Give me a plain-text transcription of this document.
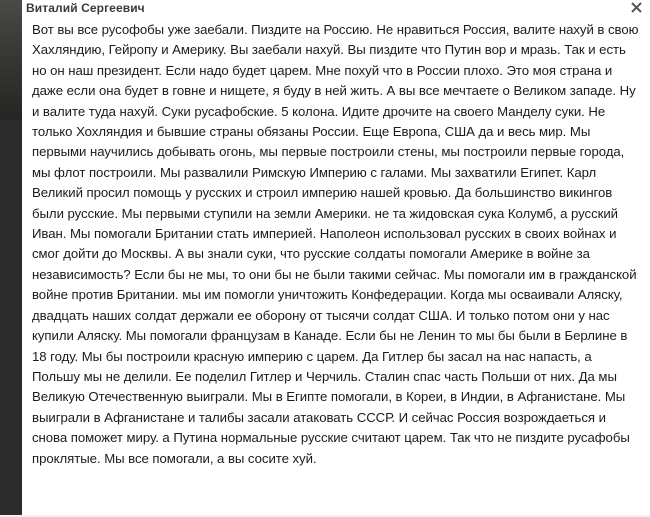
Виталий Сергеевич

Вот вы все русофобы уже заебали. Пиздите на Россию. Не нравиться Россия, валите нахуй в свою Хахляндию, Гейропу и Америку. Вы заебали нахуй. Вы пиздите что Путин вор и мразь. Так и есть но он наш президент. Если надо будет царем. Мне похуй что в России плохо. Это моя страна и даже если она будет в говне и нищете, я буду в ней жить. А вы все мечтаете о Великом западе. Ну и валите туда нахуй. Суки русафобские. 5 колона. Идите дрочите на своего Манделу суки. Не только Хохляндия и бывшие страны обязаны России. Еще Европа, США да и весь мир. Мы первыми научились добывать огонь, мы первые построили стены, мы построили первые города, мы флот построили. Мы развалили Римскую Империю с галами. Мы захватили Египет. Карл Великий просил помощь у русских и строил империю нашей кровью. Да большинство викингов были русские. Мы первыми ступили на земли Америки. не та жидовская сука Колумб, а русский Иван. Мы помогали Британии стать империей. Наполеон использовал русских в своих войнах и смог дойти до Москвы. А вы знали суки, что русские солдаты помогали Америке в войне за независимость? Если бы не мы, то они бы не были такими сейчас. Мы помогали им в гражданской войне против Британии. мы им помогли уничтожить Конфедерации. Когда мы осваивали Аляску, двадцать наших солдат держали ее оборону от тысячи солдат США. И только потом они у нас купили Аляску. Мы помогали французам в Канаде. Если бы не Ленин то мы бы были в Берлине в 18 году. Мы бы построили красную империю с царем. Да Гитлер бы засал на нас напасть, а Польшу мы не делили. Ее поделил Гитлер и Черчиль. Сталин спас часть Польши от них. Да мы Великую Отечественную выиграли. Мы в Египте помогали, в Кореи, в Индии, в Афганистане. Мы выиграли в Афганистане и талибы засали атаковать СССР. И сейчас Россия возрождаеться и снова поможет миру. а Путина нормальные русские считают царем. Так что не пиздите русафобы проклятые. Мы все помогали, а вы сосите хуй.
